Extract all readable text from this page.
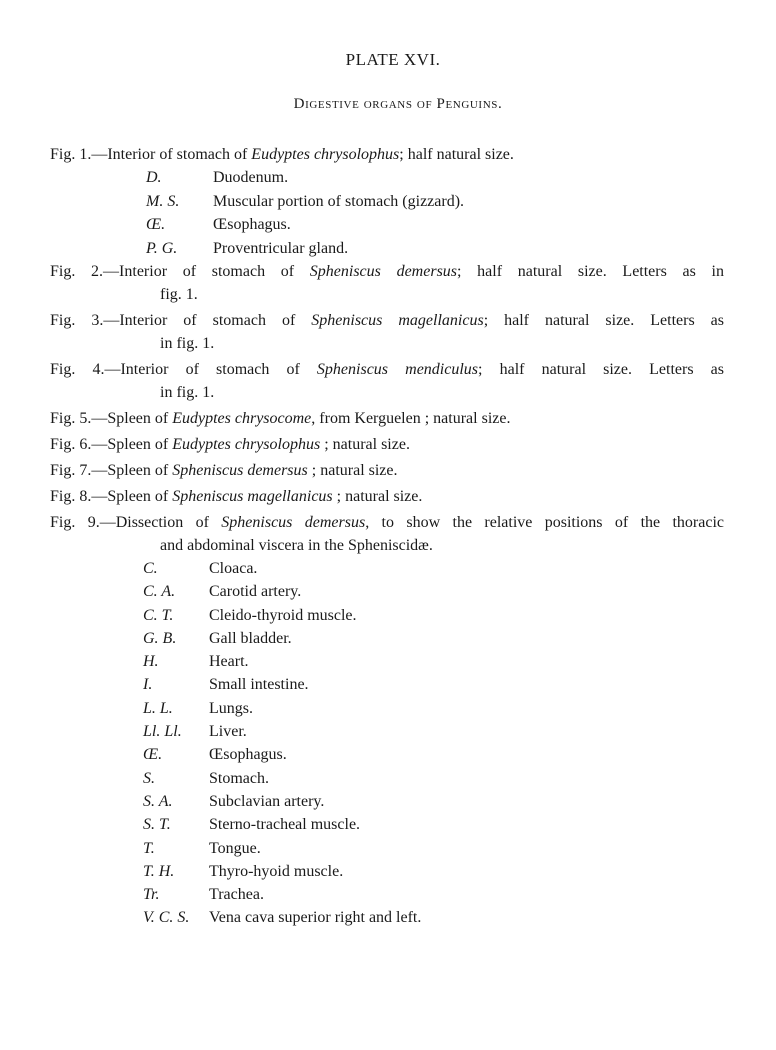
PLATE XVI.
Digestive organs of Penguins.
Fig. 1.—Interior of stomach of Eudyptes chrysolophus; half natural size.
D.	Duodenum.
M. S.	Muscular portion of stomach (gizzard).
Œ.	Œsophagus.
P. G.	Proventricular gland.
Fig. 2.—Interior of stomach of Spheniscus demersus; half natural size. Letters as in
fig. 1.
Fig. 3.—Interior of stomach of Spheniscus magellanicus; half natural size. Letters as
in fig. 1.
Fig. 4.—Interior of stomach of Spheniscus mendiculus; half natural size. Letters as
in fig. 1.
Fig. 5.—Spleen of Eudyptes chrysocome, from Kerguelen ; natural size.
Fig. 6.—Spleen of Eudyptes chrysolophus ; natural size.
Fig. 7.—Spleen of Spheniscus demersus ; natural size.
Fig. 8.—Spleen of Spheniscus magellanicus ; natural size.
Fig. 9.—Dissection of Spheniscus demersus, to show the relative positions of the thoracic
and abdominal viscera in the Spheniscidæ.
C.	Cloaca.
C. A.	Carotid artery.
C. T.	Cleido-thyroid muscle.
G. B.	Gall bladder.
H.	Heart.
I.	Small intestine.
L. L.	Lungs.
Ll. Ll.	Liver.
Œ.	Œsophagus.
S.	Stomach.
S. A.	Subclavian artery.
S. T.	Sterno-tracheal muscle.
T.	Tongue.
T. H.	Thyro-hyoid muscle.
Tr.	Trachea.
V. C. S.	Vena cava superior right and left.
